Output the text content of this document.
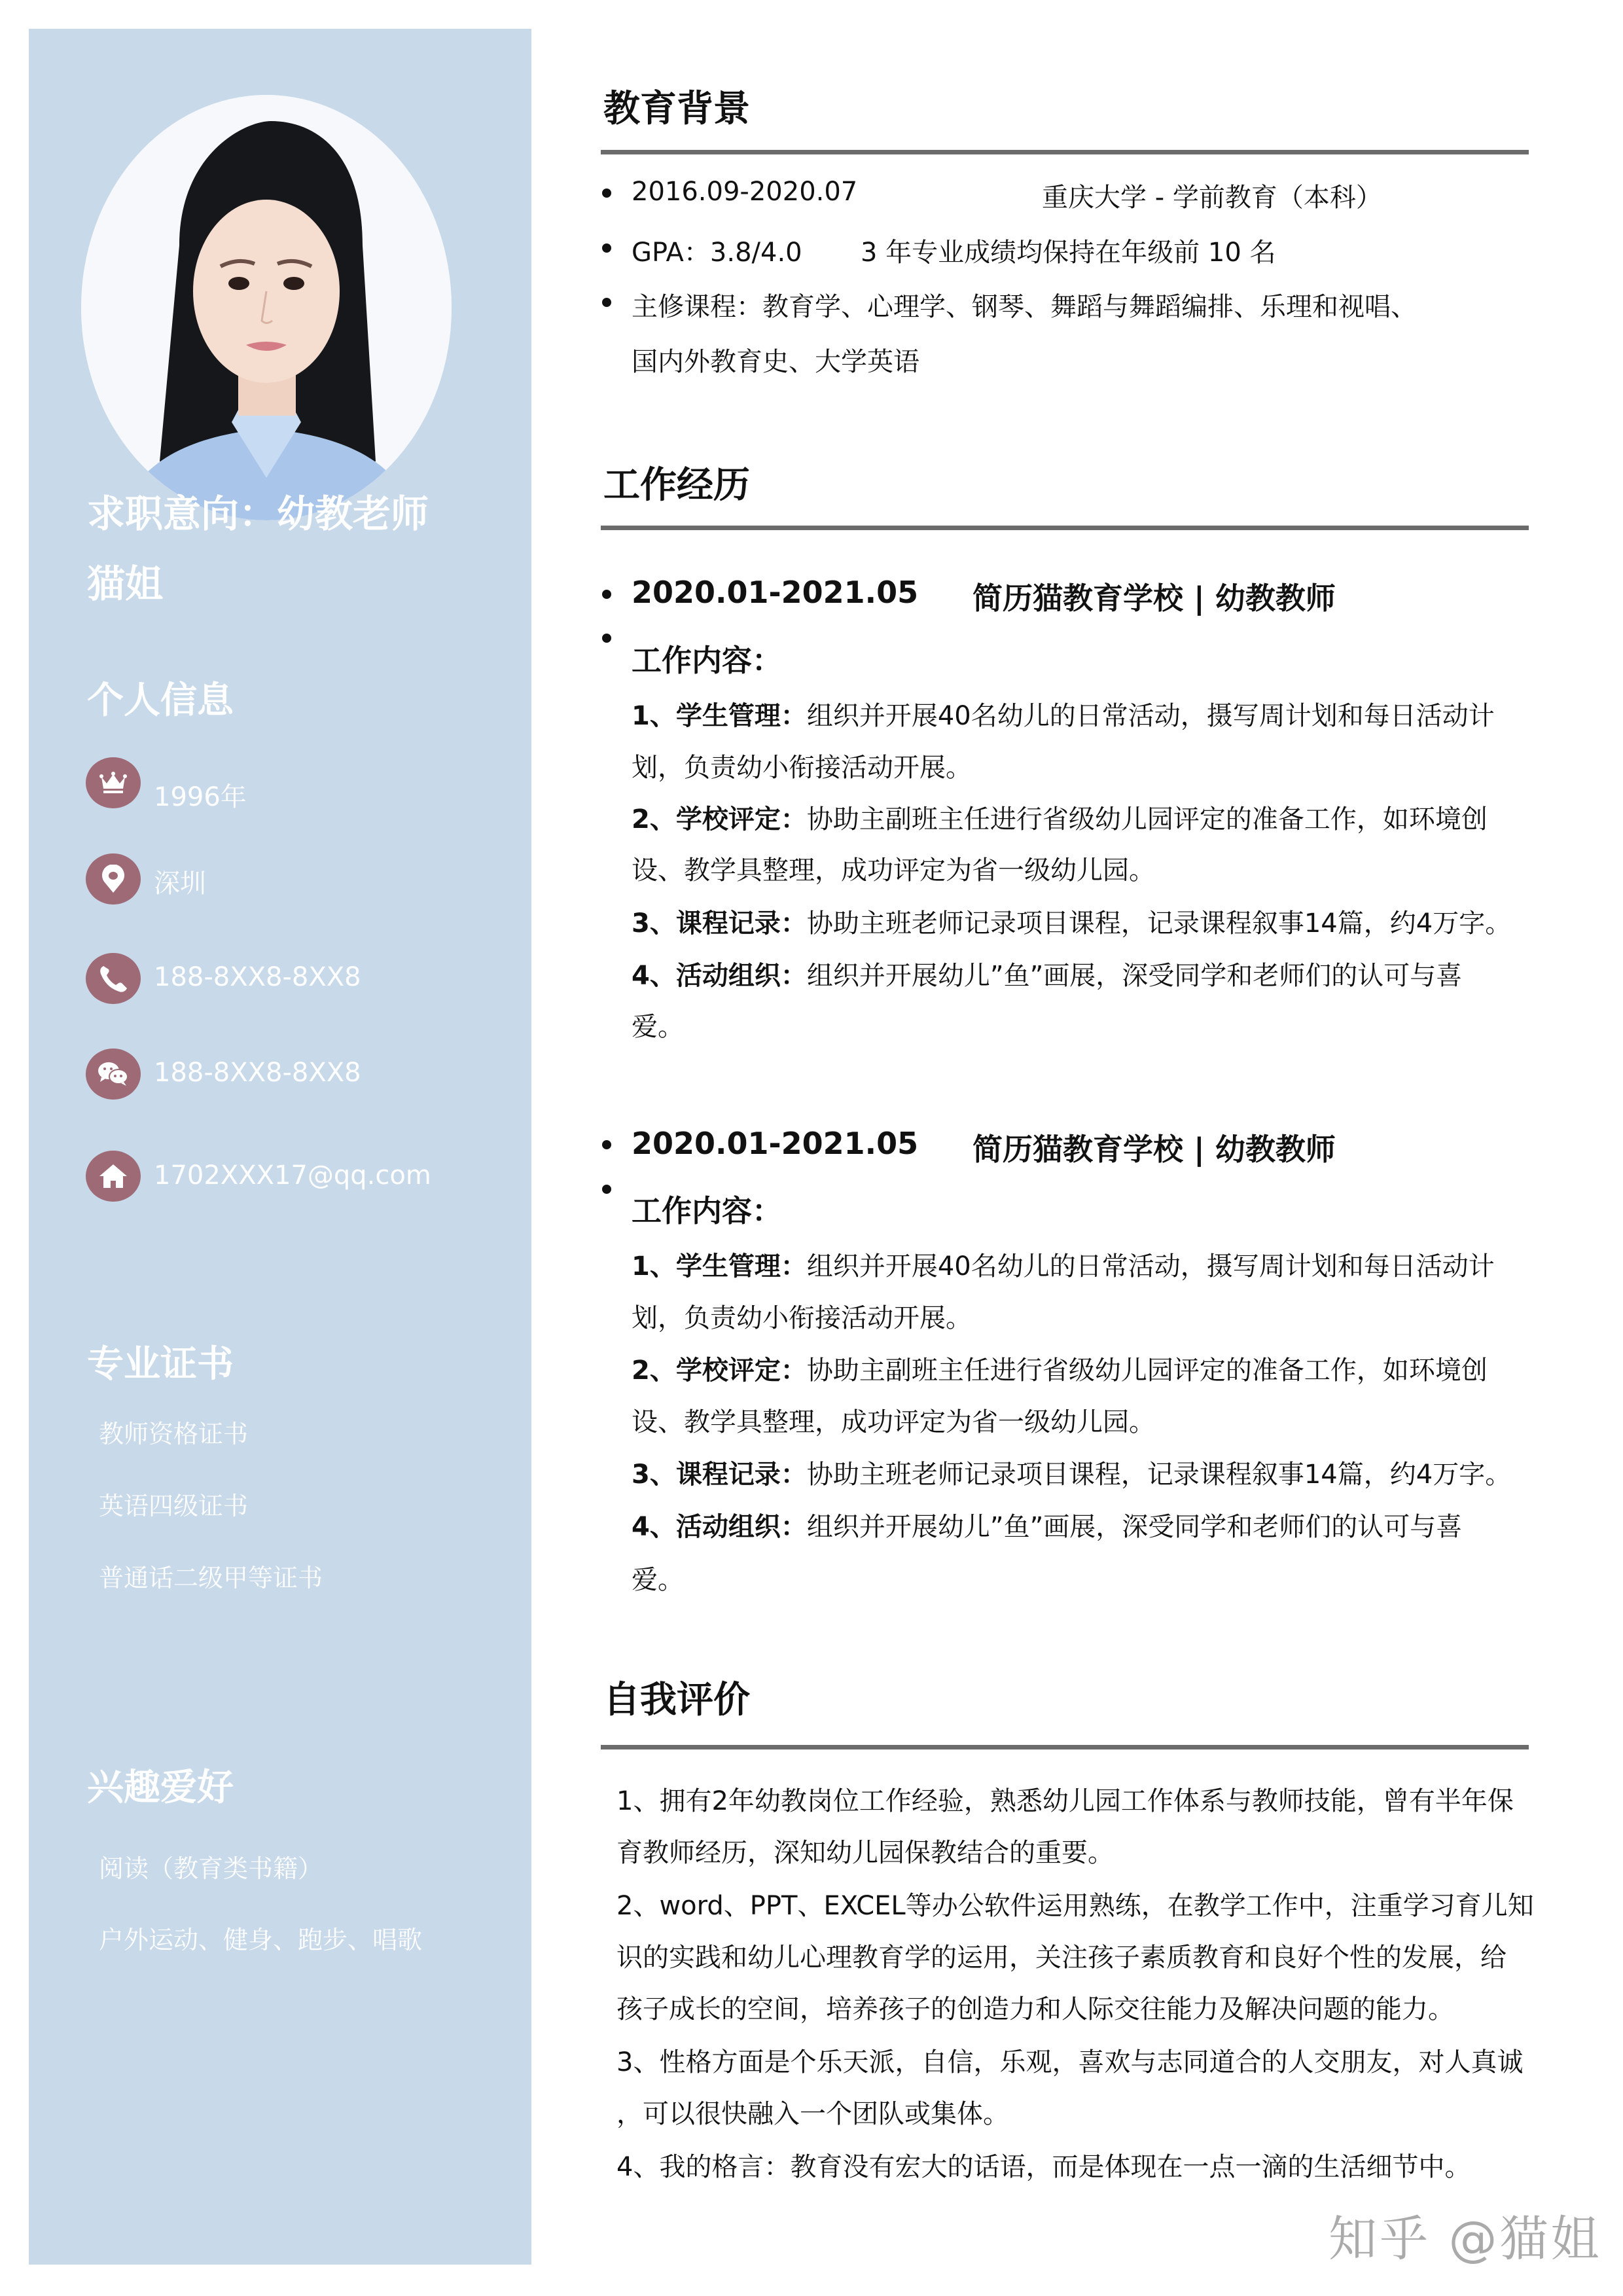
求职意向：幼教老师
猫姐
个人信息
1996年
深圳
188-8XX8-8XX8
188-8XX8-8XX8
1702XXX17@qq.com
专业证书
教师资格证书
英语四级证书
普通话二级甲等证书
兴趣爱好
阅读（教育类书籍）
户外运动、健身、跑步、唱歌
教育背景
2016.09-2020.07	重庆大学 - 学前教育（本科）
GPA：3.8/4.0 3 年专业成绩均保持在年级前 10 名
主修课程：教育学、心理学、钢琴、舞蹈与舞蹈编排、乐理和视唱、
国内外教育史、大学英语
工作经历
2020.01-2021.05 简历猫教育学校 | 幼教教师
工作内容：
1、学生管理：组织并开展40名幼儿的日常活动，摄写周计划和每日活动计
划，负责幼小衔接活动开展。
2、学校评定：协助主副班主任进行省级幼儿园评定的准备工作，如环境创
设、教学具整理，成功评定为省一级幼儿园。
3、课程记录：协助主班老师记录项目课程，记录课程叙事14篇，约4万字。
4、活动组织：组织并开展幼儿”鱼”画展，深受同学和老师们的认可与喜
爱。
2020.01-2021.05 简历猫教育学校 | 幼教教师
工作内容：
1、学生管理：组织并开展40名幼儿的日常活动，摄写周计划和每日活动计
划，负责幼小衔接活动开展。
2、学校评定：协助主副班主任进行省级幼儿园评定的准备工作，如环境创
设、教学具整理，成功评定为省一级幼儿园。
3、课程记录：协助主班老师记录项目课程，记录课程叙事14篇，约4万字。
4、活动组织：组织并开展幼儿”鱼”画展，深受同学和老师们的认可与喜
爱。
自我评价
1、拥有2年幼教岗位工作经验，熟悉幼儿园工作体系与教师技能，曾有半年保
育教师经历，深知幼儿园保教结合的重要。
2、word、PPT、EXCEL等办公软件运用熟练，在教学工作中，注重学习育儿知
识的实践和幼儿心理教育学的运用，关注孩子素质教育和良好个性的发展，给
孩子成长的空间，培养孩子的创造力和人际交往能力及解决问题的能力。
3、性格方面是个乐天派，自信，乐观，喜欢与志同道合的人交朋友，对人真诚
，可以很快融入一个团队或集体。
4、我的格言：教育没有宏大的话语，而是体现在一点一滴的生活细节中。
知乎 @猫姐
